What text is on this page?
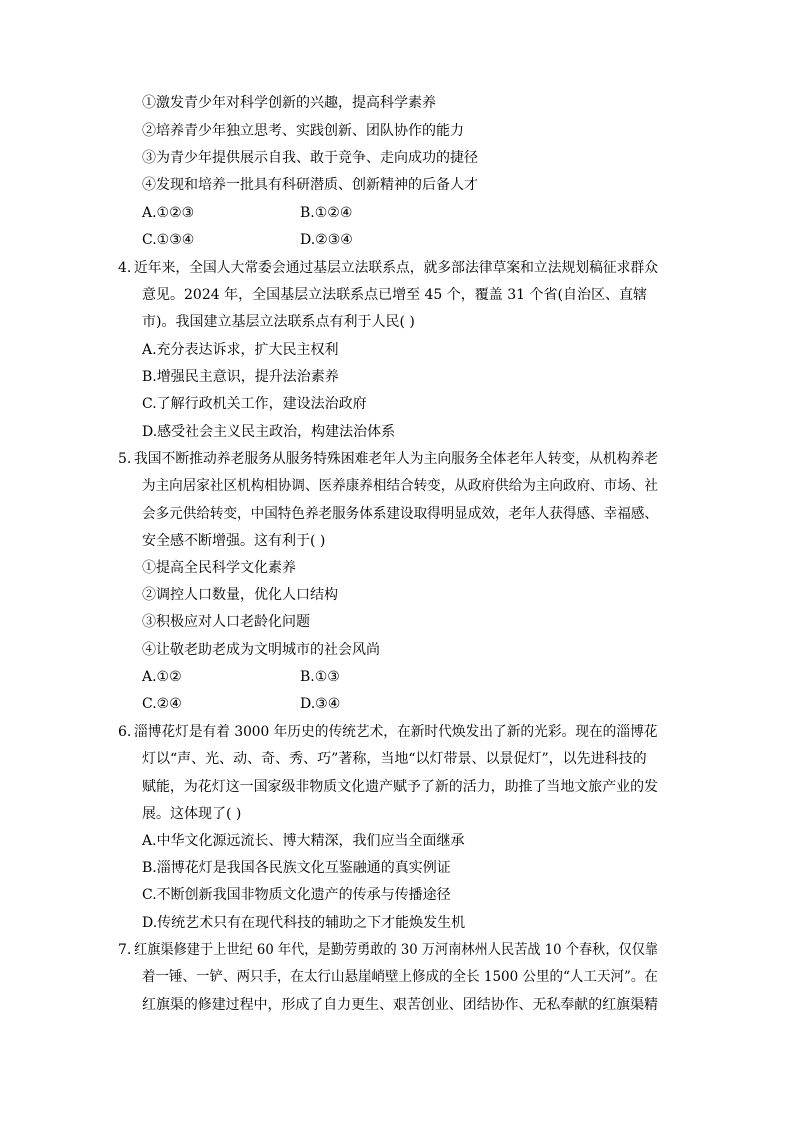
①激发青少年对科学创新的兴趣，提高科学素养
②培养青少年独立思考、实践创新、团队协作的能力
③为青少年提供展示自我、敢于竞争、走向成功的捷径
④发现和培养一批具有科研潜质、创新精神的后备人才
A.①②③	B.①②④
C.①③④	D.②③④
4. 近年来，全国人大常委会通过基层立法联系点，就多部法律草案和立法规划稿征求群众
意见。2024 年，全国基层立法联系点已增至 45 个，覆盖 31 个省(自治区、直辖
市)。我国建立基层立法联系点有利于人民( )
A.充分表达诉求，扩大民主权利
B.增强民主意识，提升法治素养
C.了解行政机关工作，建设法治政府
D.感受社会主义民主政治，构建法治体系
5. 我国不断推动养老服务从服务特殊困难老年人为主向服务全体老年人转变，从机构养老
为主向居家社区机构相协调、医养康养相结合转变，从政府供给为主向政府、市场、社
会多元供给转变，中国特色养老服务体系建设取得明显成效，老年人获得感、幸福感、
安全感不断增强。这有利于( )
①提高全民科学文化素养
②调控人口数量，优化人口结构
③积极应对人口老龄化问题
④让敬老助老成为文明城市的社会风尚
A.①②	B.①③
C.②④	D.③④
6. 淄博花灯是有着 3000 年历史的传统艺术，在新时代焕发出了新的光彩。现在的淄博花
灯以“声、光、动、奇、秀、巧”著称，当地“以灯带景、以景促灯”，以先进科技的
赋能，为花灯这一国家级非物质文化遗产赋予了新的活力，助推了当地文旅产业的发
展。这体现了( )
A.中华文化源远流长、博大精深，我们应当全面继承
B.淄博花灯是我国各民族文化互鉴融通的真实例证
C.不断创新我国非物质文化遗产的传承与传播途径
D.传统艺术只有在现代科技的辅助之下才能焕发生机
7. 红旗渠修建于上世纪 60 年代，是勤劳勇敢的 30 万河南林州人民苦战 10 个春秋，仅仅靠
着一锤、一铲、两只手，在太行山悬崖峭壁上修成的全长 1500 公里的“人工天河”。在
红旗渠的修建过程中，形成了自力更生、艰苦创业、团结协作、无私奉献的红旗渠精
